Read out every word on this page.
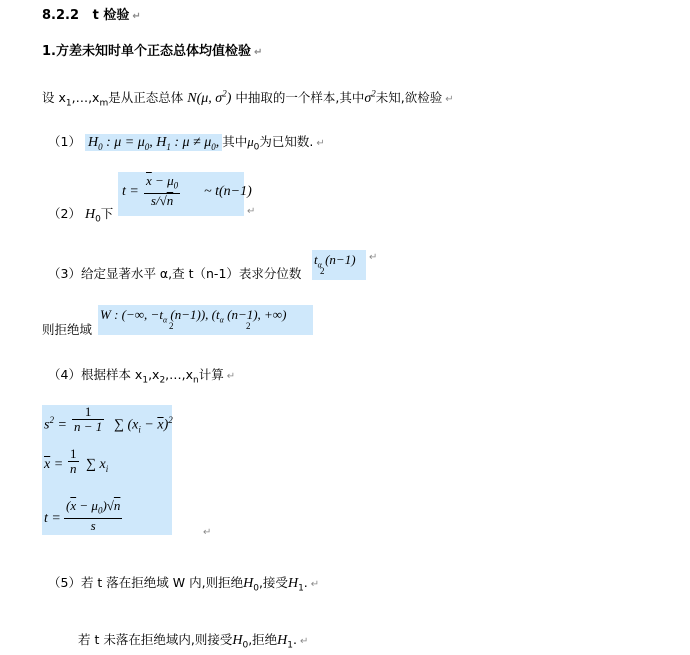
8.2.2 t 检验 ↵
1.方差未知时单个正态总体均值检验 ↵
设 $x_1,\dots,x_m$是从正态总体 N(μ, $\sigma^2$) 中抽取的一个样本,其中$\sigma^2$未知,欲检验 ↵
（1） $H_0$ : $\mu = \mu_0$, $H_1$ : $\mu \ne \mu_0$, 其中$\mu_0$为已知数. ↵
$t = \frac{\overline{x} - \mu_0}{s/√n}$ ~ t(n−1)
（2） $H_0$下	↵
$t_\alpha$ (n−1)
2
（3）给定显著水平 α,查 t（n-1）表求分位数
↵
W : (−∞, $-t_\alpha$ (n−1)), ($t_\alpha$ (n−1), +∞)
2	2
则拒绝域
（4）根据样本 $x_1,x_2,\dots,x_n$计算 ↵
$s^2 = \frac{1}{n - 1}$ ∑ $(x_i - \overline{x})^2$
$\overline{x} = \frac{1}{n}$ ∑ $x_i$
$t = \frac{(\overline{x} - \mu_0)√n}{s}$	↵
（5）若 t 落在拒绝域 W 内,则拒绝$H_0$,接受$H_1$. ↵
若 t 未落在拒绝域内,则接受$H_0$,拒绝$H_1$. ↵
